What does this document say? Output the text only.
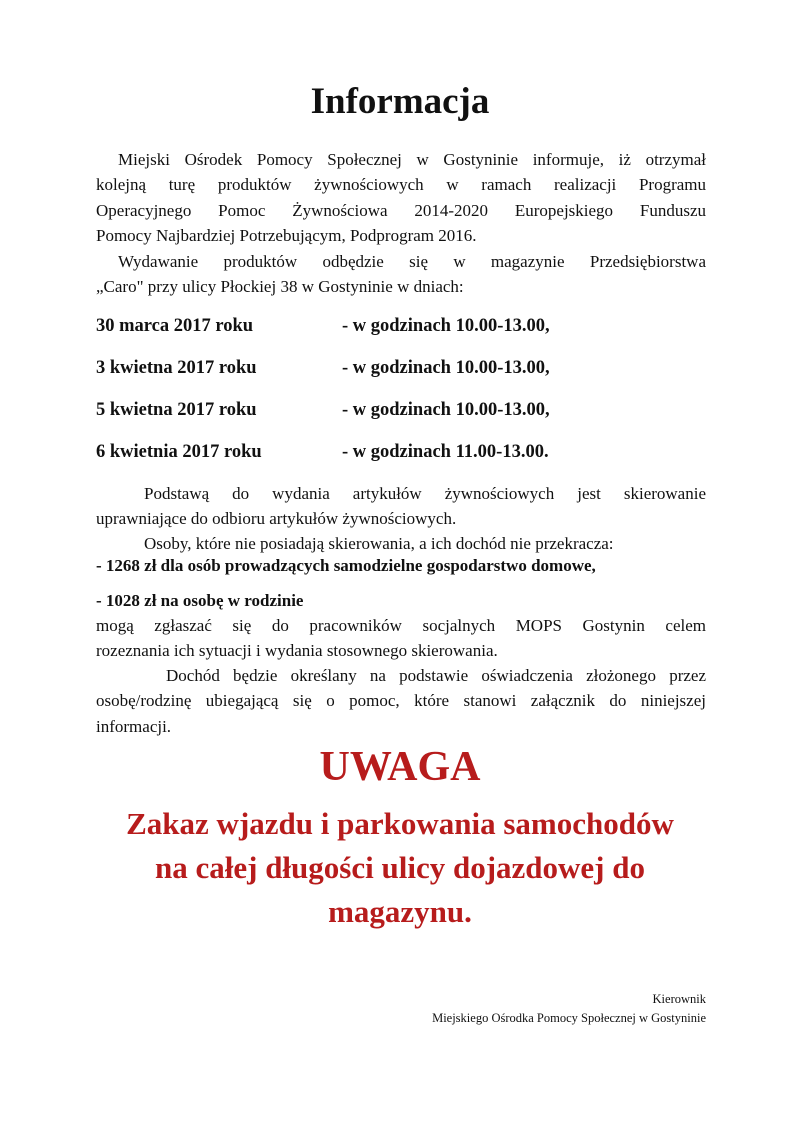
Informacja
Miejski Ośrodek Pomocy Społecznej w Gostyninie informuje, iż otrzymał
kolejną turę produktów żywnościowych w ramach realizacji Programu
Operacyjnego Pomoc Żywnościowa 2014-2020 Europejskiego Funduszu
Pomocy Najbardziej Potrzebującym, Podprogram 2016.
Wydawanie produktów odbędzie się w magazynie Przedsiębiorstwa
„Caro" przy ulicy Płockiej 38 w Gostyninie w dniach:
30 marca 2017 roku	- w godzinach 10.00-13.00,
3 kwietna 2017 roku	- w godzinach 10.00-13.00,
5 kwietna 2017 roku	- w godzinach 10.00-13.00,
6 kwietnia 2017 roku	- w godzinach 11.00-13.00.
Podstawą do wydania artykułów żywnościowych jest skierowanie
uprawniające do odbioru artykułów żywnościowych.
Osoby, które nie posiadają skierowania, a ich dochód nie przekracza:
- 1268 zł dla osób prowadzących samodzielne gospodarstwo domowe,
- 1028 zł na osobę w rodzinie
mogą zgłaszać się do pracowników socjalnych MOPS Gostynin celem
rozeznania ich sytuacji i wydania stosownego skierowania.
Dochód będzie określany na podstawie oświadczenia złożonego przez
osobę/rodzinę ubiegającą się o pomoc, które stanowi załącznik do niniejszej
informacji.
UWAGA
Zakaz wjazdu i parkowania samochodów
na całej długości ulicy dojazdowej do
magazynu.
Kierownik
Miejskiego Ośrodka Pomocy Społecznej w Gostyninie
